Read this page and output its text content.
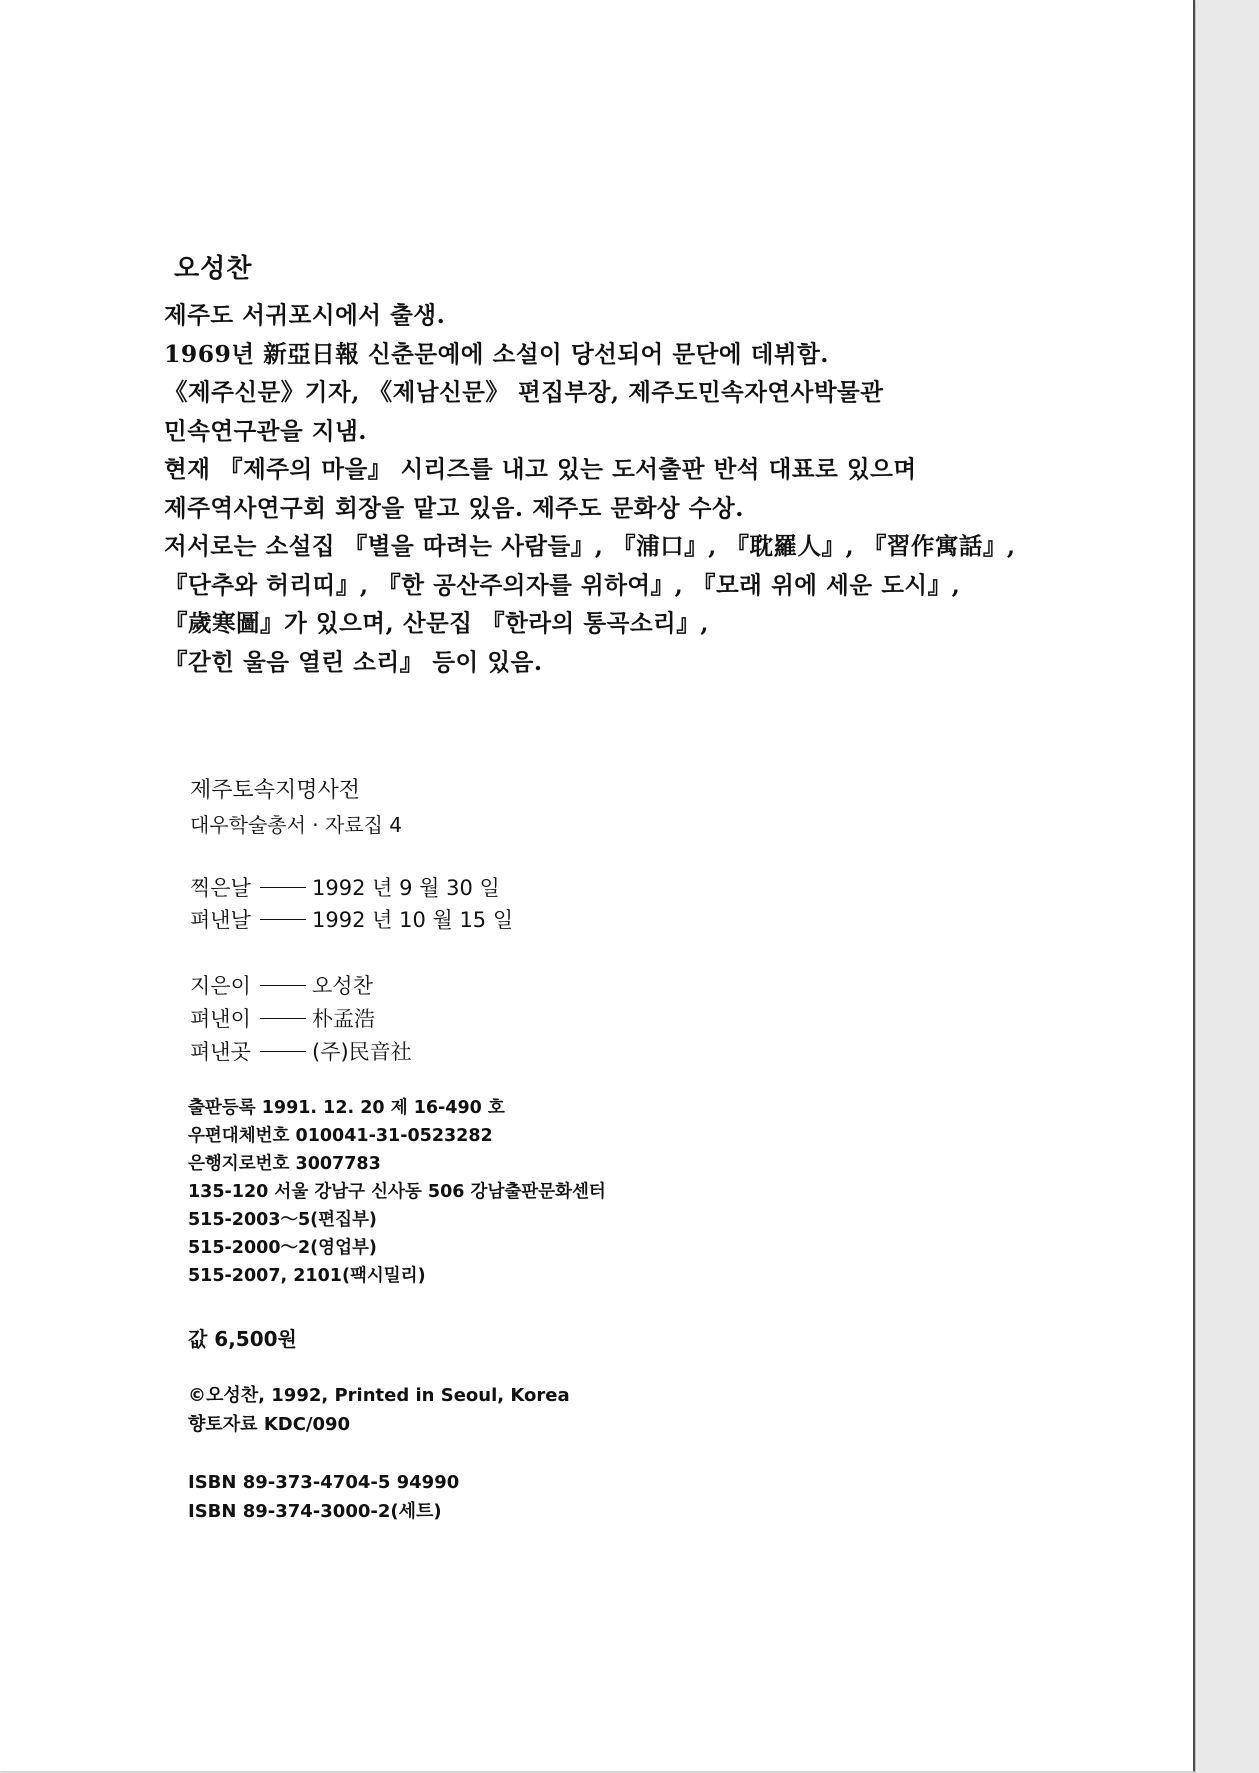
오성찬
제주도 서귀포시에서 출생.
1969년 新亞日報 신춘문예에 소설이 당선되어 문단에 데뷔함.
《제주신문》기자, 《제남신문》 편집부장, 제주도민속자연사박물관
민속연구관을 지냄.
현재 『제주의 마을』 시리즈를 내고 있는 도서출판 반석 대표로 있으며
제주역사연구회 회장을 맡고 있음. 제주도 문화상 수상.
저서로는 소설집 『별을 따려는 사람들』, 『浦口』, 『耽羅人』, 『習作寓話』,
『단추와 허리띠』, 『한 공산주의자를 위하여』, 『모래 위에 세운 도시』,
『歲寒圖』가 있으며, 산문집 『한라의 통곡소리』,
『갇힌 울음 열린 소리』 등이 있음.
제주토속지명사전
대우학술총서 · 자료집 4
찍은날	1992 년 9 월 30 일
펴낸날	1992 년 10 월 15 일
지은이	오성찬
펴낸이	朴孟浩
펴낸곳	(주)民音社
출판등록 1991. 12. 20 제 16-490 호
우편대체번호 010041-31-0523282
은행지로번호 3007783
135-120 서울 강남구 신사동 506 강남출판문화센터
515-2003～5(편집부)
515-2000～2(영업부)
515-2007, 2101(팩시밀리)
값 6,500원
©오성찬, 1992, Printed in Seoul, Korea
향토자료 KDC/090
ISBN 89-373-4704-5 94990
ISBN 89-374-3000-2(세트)
